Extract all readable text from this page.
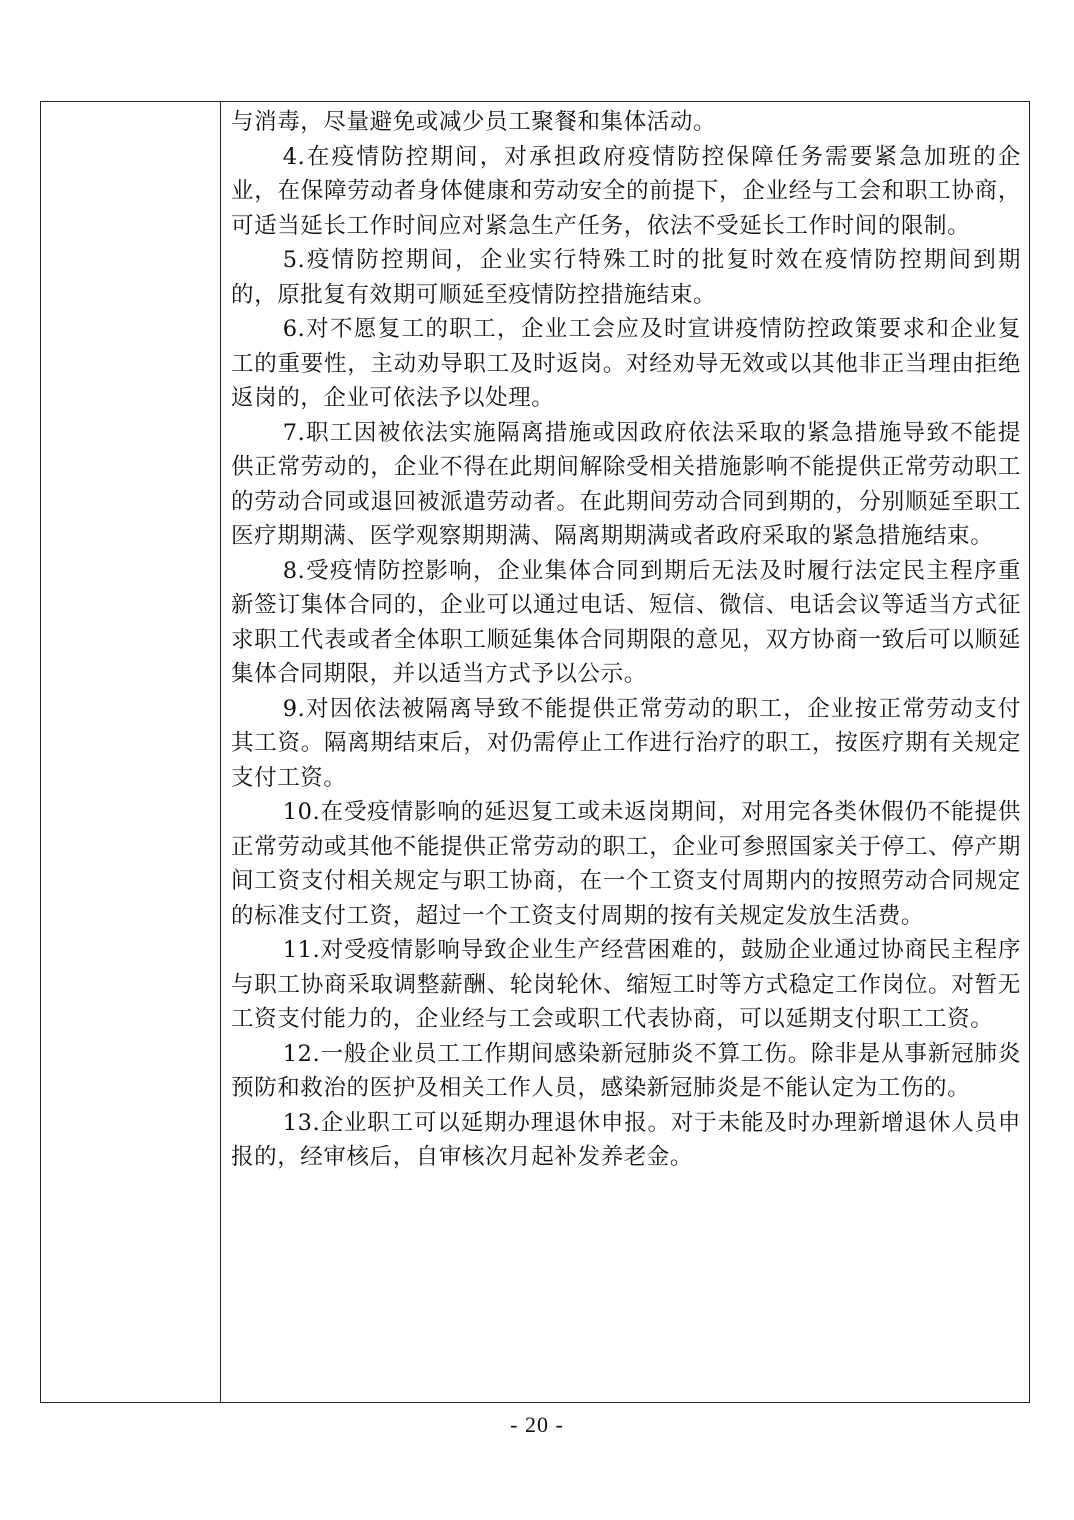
与消毒，尽量避免或减少员工聚餐和集体活动。

4.在疫情防控期间，对承担政府疫情防控保障任务需要紧急加班的企业，在保障劳动者身体健康和劳动安全的前提下，企业经与工会和职工协商，可适当延长工作时间应对紧急生产任务，依法不受延长工作时间的限制。

5.疫情防控期间，企业实行特殊工时的批复时效在疫情防控期间到期的，原批复有效期可顺延至疫情防控措施结束。

6.对不愿复工的职工，企业工会应及时宣讲疫情防控政策要求和企业复工的重要性，主动劝导职工及时返岗。对经劝导无效或以其他非正当理由拒绝返岗的，企业可依法予以处理。

7.职工因被依法实施隔离措施或因政府依法采取的紧急措施导致不能提供正常劳动的，企业不得在此期间解除受相关措施影响不能提供正常劳动职工的劳动合同或退回被派遣劳动者。在此期间劳动合同到期的，分别顺延至职工医疗期期满、医学观察期期满、隔离期期满或者政府采取的紧急措施结束。

8.受疫情防控影响，企业集体合同到期后无法及时履行法定民主程序重新签订集体合同的，企业可以通过电话、短信、微信、电话会议等适当方式征求职工代表或者全体职工顺延集体合同期限的意见，双方协商一致后可以顺延集体合同期限，并以适当方式予以公示。

9.对因依法被隔离导致不能提供正常劳动的职工，企业按正常劳动支付其工资。隔离期结束后，对仍需停止工作进行治疗的职工，按医疗期有关规定支付工资。

10.在受疫情影响的延迟复工或未返岗期间，对用完各类休假仍不能提供正常劳动或其他不能提供正常劳动的职工，企业可参照国家关于停工、停产期间工资支付相关规定与职工协商，在一个工资支付周期内的按照劳动合同规定的标准支付工资，超过一个工资支付周期的按有关规定发放生活费。

11.对受疫情影响导致企业生产经营困难的，鼓励企业通过协商民主程序与职工协商采取调整薪酬、轮岗轮休、缩短工时等方式稳定工作岗位。对暂无工资支付能力的，企业经与工会或职工代表协商，可以延期支付职工工资。

12.一般企业员工工作期间感染新冠肺炎不算工伤。除非是从事新冠肺炎预防和救治的医护及相关工作人员，感染新冠肺炎是不能认定为工伤的。

13.企业职工可以延期办理退休申报。对于未能及时办理新增退休人员申报的，经审核后，自审核次月起补发养老金。

- 20 -
